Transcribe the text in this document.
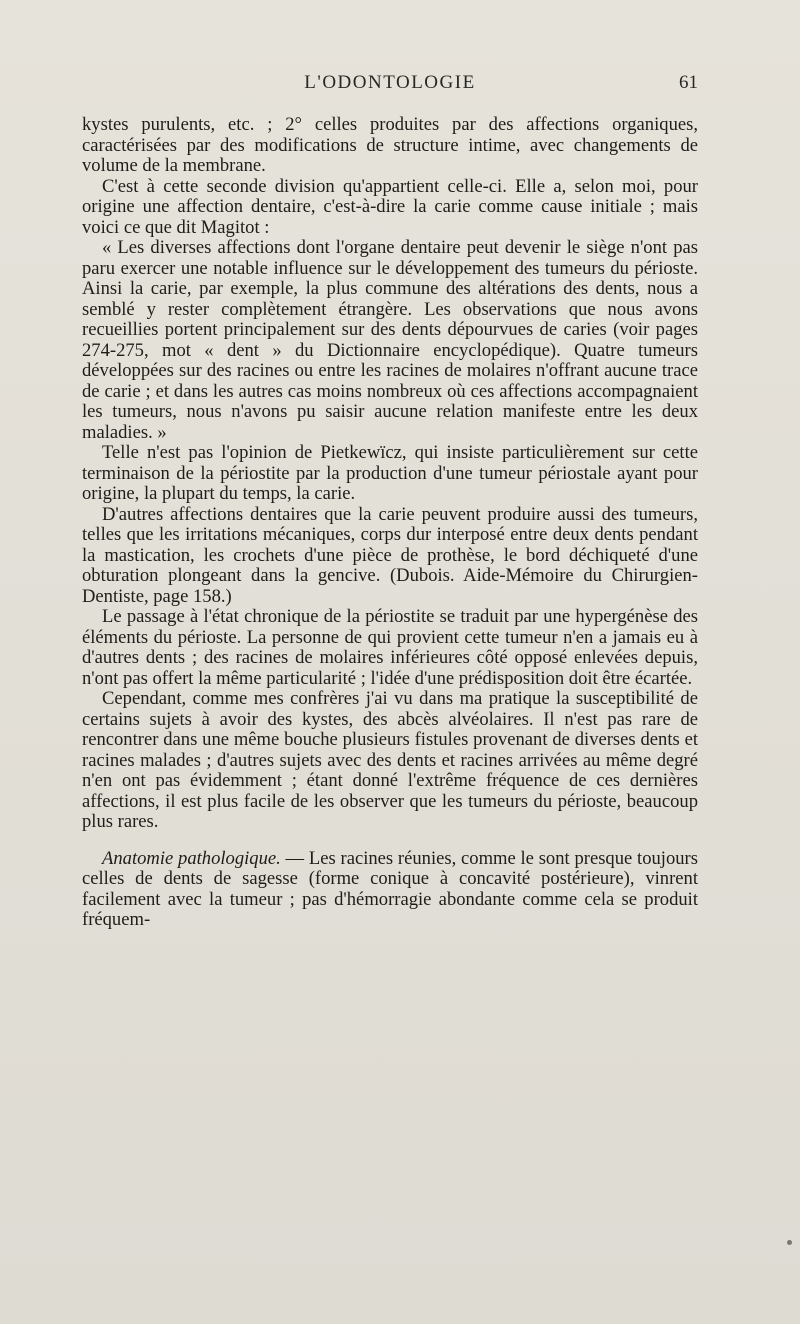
L'ODONTOLOGIE	61

kystes purulents, etc. ; 2° celles produites par des affections organiques, caractérisées par des modifications de structure intime, avec changements de volume de la membrane.

C'est à cette seconde division qu'appartient celle-ci. Elle a, selon moi, pour origine une affection dentaire, c'est-à-dire la carie comme cause initiale ; mais voici ce que dit Magitot :

« Les diverses affections dont l'organe dentaire peut devenir le siège n'ont pas paru exercer une notable influence sur le développement des tumeurs du périoste. Ainsi la carie, par exemple, la plus commune des altérations des dents, nous a semblé y rester complètement étrangère. Les observations que nous avons recueillies portent principalement sur des dents dépourvues de caries (voir pages 274-275, mot « dent » du Dictionnaire encyclopédique). Quatre tumeurs développées sur des racines ou entre les racines de molaires n'offrant aucune trace de carie ; et dans les autres cas moins nombreux où ces affections accompagnaient les tumeurs, nous n'avons pu saisir aucune relation manifeste entre les deux maladies. »

Telle n'est pas l'opinion de Pietkewïcz, qui insiste particulièrement sur cette terminaison de la périostite par la production d'une tumeur périostale ayant pour origine, la plupart du temps, la carie.

D'autres affections dentaires que la carie peuvent produire aussi des tumeurs, telles que les irritations mécaniques, corps dur interposé entre deux dents pendant la mastication, les crochets d'une pièce de prothèse, le bord déchiqueté d'une obturation plongeant dans la gencive. (Dubois. Aide-Mémoire du Chirurgien-Dentiste, page 158.)

Le passage à l'état chronique de la périostite se traduit par une hypergénèse des éléments du périoste. La personne de qui provient cette tumeur n'en a jamais eu à d'autres dents ; des racines de molaires inférieures côté opposé enlevées depuis, n'ont pas offert la même particularité ; l'idée d'une prédisposition doit être écartée.

Cependant, comme mes confrères j'ai vu dans ma pratique la susceptibilité de certains sujets à avoir des kystes, des abcès alvéolaires. Il n'est pas rare de rencontrer dans une même bouche plusieurs fistules provenant de diverses dents et racines malades ; d'autres sujets avec des dents et racines arrivées au même degré n'en ont pas évidemment ; étant donné l'extrême fréquence de ces dernières affections, il est plus facile de les observer que les tumeurs du périoste, beaucoup plus rares.

Anatomie pathologique. — Les racines réunies, comme le sont presque toujours celles de dents de sagesse (forme conique à concavité postérieure), vinrent facilement avec la tumeur ; pas d'hémorragie abondante comme cela se produit fréquem-
